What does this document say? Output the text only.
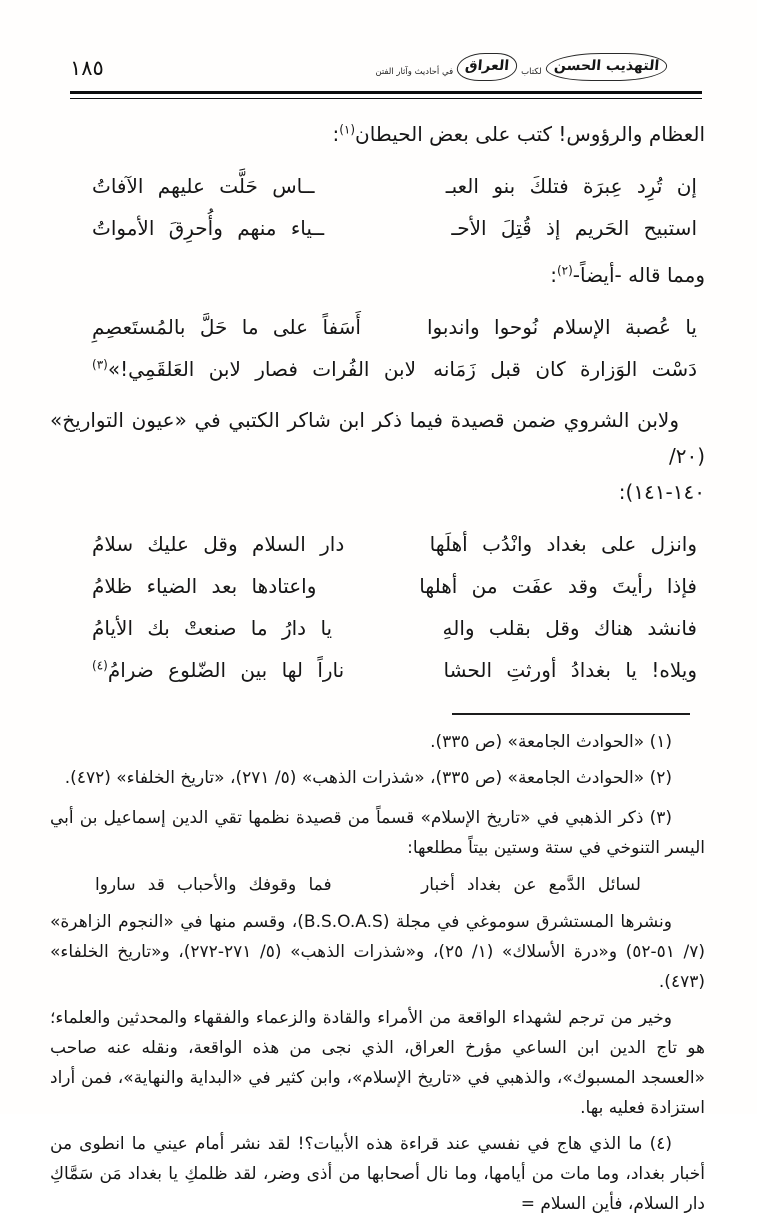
١٨٥	التهذيب الحسن
لكتاب
العراق
في أحاديث وآثار الفتن

العظام والرؤوس! كتب على بعض الحيطان$^{(١)}$:

إن تُرِد عِبرَة فتلكَ بنو العبـ
ــاس حَلَّت عليهم الآفاتُ
استبيح الحَريم إذ قُتِلَ الأحـ
ــياء منهم وأُحرِقَ الأمواتُ

ومما قاله -أيضاً-$^{(٢)}$:

يا عُصبة الإسلام نُوحوا واندبوا
أَسَفاً على ما حَلَّ بالمُستَعصِمِ
دَسْت الوَزارة كان قبل زَمَانه
لابن الفُرات فصار لابن العَلقَمِي!»$^{(٣)}$
ولابن الشروي ضمن قصيدة فيما ذكر ابن شاكر الكتبي في «عيون التواريخ» (٢٠/
١٤٠-١٤١):
وانزل على بغداد وانْدُب أهلَها
دار السلام وقل عليك سلامُ
فإذا رأيتَ وقد عفَت من أهلها
واعتادها بعد الضياء ظلامُ
فانشد هناك وقل بقلب والهِ
يا دارُ ما صنعتْ بك الأيامُ
ويلاه! يا بغدادُ أورثتِ الحشا
ناراً لها بين الضّلوع ضرامُ$^{(٤)}$
(١) «الحوادث الجامعة» (ص ٣٣٥).
(٢) «الحوادث الجامعة» (ص ٣٣٥)، «شذرات الذهب» (٥/ ٢٧١)، «تاريخ الخلفاء» (٤٧٢).
(٣) ذكر الذهبي في «تاريخ الإسلام» قسماً من قصيدة نظمها تقي الدين إسماعيل بن أبي اليسر التنوخي في ستة وستين بيتاً مطلعها:
لسائل الدَّمع عن بغداد أخبار
فما وقوفك والأحباب قد ساروا
ونشرها المستشرق سوموغي في مجلة (B.S.O.A.S)، وقسم منها في «النجوم الزاهرة» (٧/ ٥١-٥٢) و«درة الأسلاك» (١/ ٢٥)، و«شذرات الذهب» (٥/ ٢٧١-٢٧٢)، و«تاريخ الخلفاء» (٤٧٣).
وخير من ترجم لشهداء الواقعة من الأمراء والقادة والزعماء والفقهاء والمحدثين والعلماء؛ هو تاج الدين ابن الساعي مؤرخ العراق، الذي نجى من هذه الواقعة، ونقله عنه صاحب «العسجد المسبوك»، والذهبي في «تاريخ الإسلام»، وابن كثير في «البداية والنهاية»، فمن أراد استزادة فعليه بها.
(٤) ما الذي هاج في نفسي عند قراءة هذه الأبيات؟! لقد نشر أمام عيني ما انطوى من أخبار بغداد، وما مات من أيامها، وما نال أصحابها من أذى وضر، لقد ظلمكِ يا بغداد مَن سَمَّاكِ دار السلام، فأين السلام =
